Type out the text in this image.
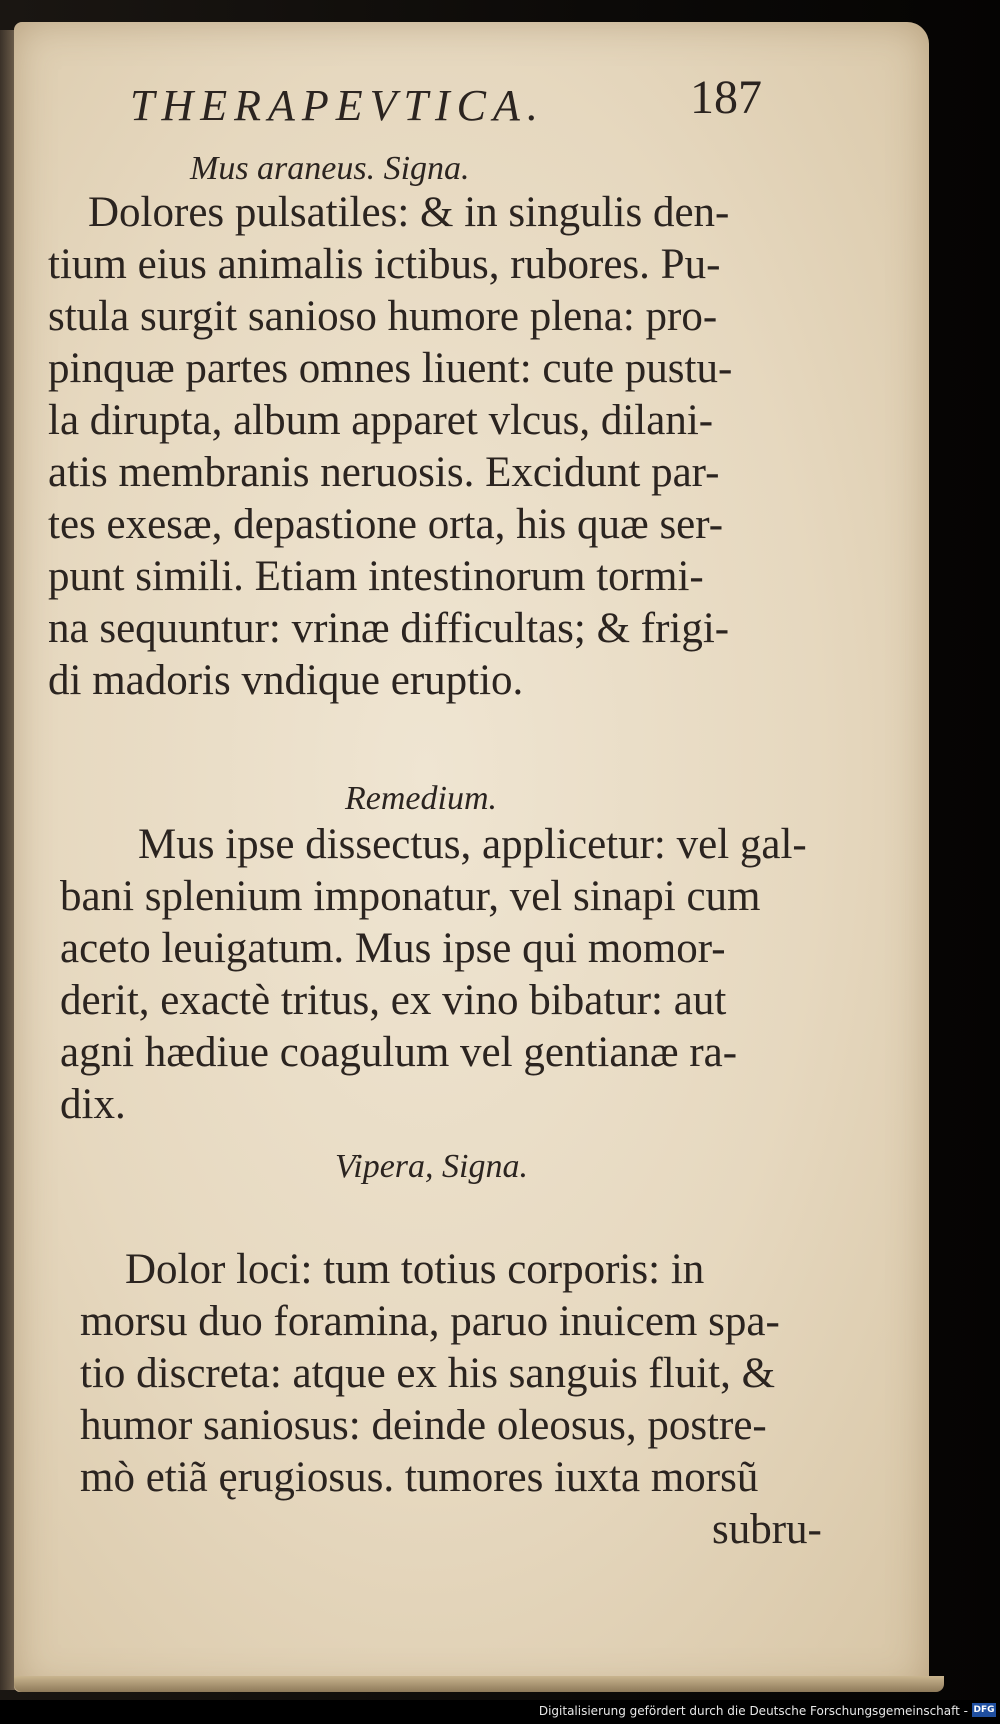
THERAPEVTICA.	187
Mus araneus. Signa.
Dolores pulsatiles: & in singulis den-
tium eius animalis ictibus, rubores. Pu-
stula surgit sanioso humore plena: pro-
pinquæ partes omnes liuent: cute pustu-
la dirupta, album apparet vlcus, dilani-
atis membranis neruosis. Excidunt par-
tes exesæ, depastione orta, his quæ ser-
punt simili. Etiam intestinorum tormi-
na sequuntur: vrinæ difficultas; & frigi-
di madoris vndique eruptio.
Remedium.
Mus ipse dissectus, applicetur: vel gal-
bani splenium imponatur, vel sinapi cum
aceto leuigatum. Mus ipse qui momor-
derit, exactè tritus, ex vino bibatur: aut
agni hædiue coagulum vel gentianæ ra-
dix.
Vipera, Signa.
Dolor loci: tum totius corporis: in
morsu duo foramina, paruo inuicem spa-
tio discreta: atque ex his sanguis fluit, &
humor saniosus: deinde oleosus, postre-
mò etiã ęrugiosus. tumores iuxta morsũ
subru-
Digitalisierung gefördert durch die Deutsche Forschungsgemeinschaft - DFG
